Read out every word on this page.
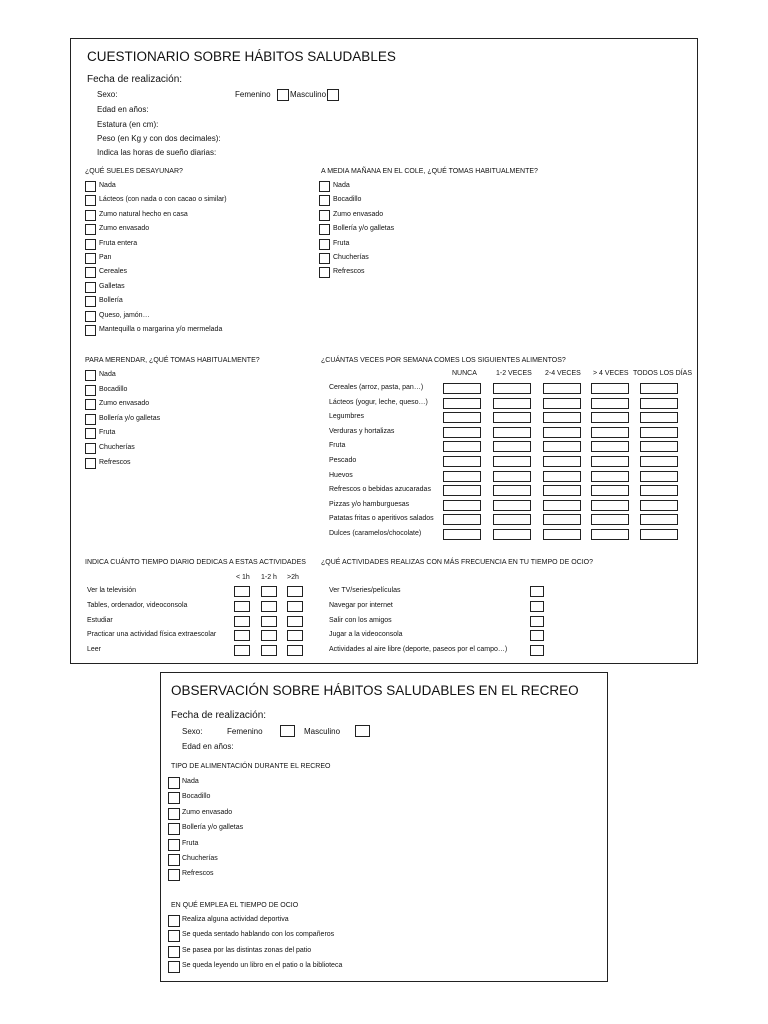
CUESTIONARIO SOBRE HÁBITOS SALUDABLES
Fecha de realización:
Sexo:	Femenino Masculino
Edad en años:
Estatura (en cm):
Peso (en Kg y con dos decimales):
Indica las horas de sueño diarias:
¿QUÉ SUELES DESAYUNAR?	A MEDIA MAÑANA EN EL COLE, ¿QUÉ TOMAS HABITUALMENTE?
PARA MERENDAR, ¿QUÉ TOMAS HABITUALMENTE?	¿CUÁNTAS VECES POR SEMANA COMES LOS SIGUIENTES ALIMENTOS?
INDICA CUÁNTO TIEMPO DIARIO DEDICAS A ESTAS ACTIVIDADES ¿QUÉ ACTIVIDADES REALIZAS CON MÁS FRECUENCIA EN TU TIEMPO DE OCIO?
Nada
Lácteos (con nada o con cacao o similar)
Zumo natural hecho en casa
Zumo envasado
Fruta entera
Pan
Cereales
Galletas
Bollería
Queso, jamón…
Mantequilla o margarina y/o mermelada
Nada
Bocadillo
Zumo envasado
Bollería y/o galletas
Fruta
Chucherías
Refrescos
Nada
Bocadillo
Zumo envasado
Bollería y/o galletas
Fruta
Chucherías
Refrescos
NUNCA	1-2 VECES 2-4 VECES > 4 VECES TODOS LOS DÍAS
Cereales (arroz, pasta, pan…)
Lácteos (yogur, leche, queso…)
Legumbres
Verduras y hortalizas
Fruta
Pescado
Huevos
Refrescos o bebidas azucaradas
Pizzas y/o hamburguesas
Patatas fritas o aperitivos salados
Dulces (caramelos/chocolate)
< 1h 1-2 h >2h
Ver la televisión
Tables, ordenador, videoconsola
Estudiar
Practicar una actividad física extraescolar
Leer
Ver TV/series/películas
Navegar por internet
Salir con los amigos
Jugar a la videoconsola
Actividades al aire libre (deporte, paseos por el campo…)
OBSERVACIÓN SOBRE HÁBITOS SALUDABLES EN EL RECREO
Fecha de realización:
Sexo:	Femenino	Masculino
Edad en años:
TIPO DE ALIMENTACIÓN DURANTE EL RECREO
EN QUÉ EMPLEA EL TIEMPO DE OCIO
Nada
Bocadillo
Zumo envasado
Bollería y/o galletas
Fruta
Chucherías
Refrescos
Realiza alguna actividad deportiva
Se queda sentado hablando con los compañeros
Se pasea por las distintas zonas del patio
Se queda leyendo un libro en el patio o la biblioteca
